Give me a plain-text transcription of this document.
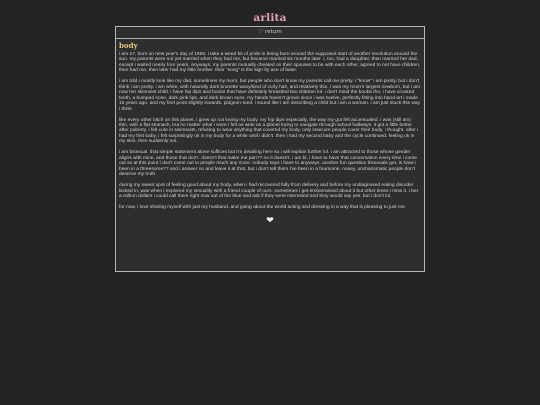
arlita
♡ return
body

i am 27, born on new year's day of 1995. i take a weed bit of pride in being born around the supposed start of another revolution around the sun. my parents were not yet married when they had me, but became married six months later. i, too, had a daughter, then married her dad, except i waited nearly four years. anyways, my parents mutually cheated on their spouses to be with each other, agreed to not have children, then had me, then later had my little brother. their "song" is the sign by ace of base.

i am told i mostly look like my dad, sometimes my mom, but people who don't know my parents call me pretty. i "know" i am pretty, but i don't think i am pretty. i am white, with naturally dark brunette wavy/kind of curly hair, and relatively thin. i was my mom's largest newborn, but i am now her skinniest child. i have hip dips and boobs that have definitely breastfed two children lol. i don't mind the boobs tho. i have crooked teeth, a bumped nose, dark pink lips, and dark brown eyes. my hands haven't grown since i was twelve, perfectly fitting into hand-art i made 15 years ago, and my feet point slightly inwards, pidgeon-toed. i sound like i am describing a child but i am a woman. i am just stuck this way i think.

like every other bitch on this planet, i grew up not loving my body. my hip dips especially, the way my gut felt accentuated. i was (still am) thin, with a flat stomach, but no matter what i wore i felt as wide as a planet trying to navigate through school hallways. it got a little better after puberty. i felt cute in swimsuits, refusing to wear anything that covered my body, only insecure people cover their body, i thought. after i had my first baby, i felt surprisingly ok in my body for a while until i didn't. then i had my second baby and the cycle continued. feeling ok in my skin, then suddenly not.

i am bisexual. that simple statement alone suffices but i'm detailing here so i will explain further lol. i am attracted to those whose gender aligns with mine, and those that don't. doesn't that make me pan?? no it doesn't. i am bi. i have to have that conversation every time i come out so at this point i don't come out to people much any more. nobody says i have to anyways. another fun question bisexuals get, is have i been in a threesome?? and i answer no and leave it at that, but i don't tell them i've been in a foursome. nosey, uncharismatic people don't deserve my truth.

during my sweet spot of feeling good about my body, when i had recovered fully from delivery and before my undiagnosed eating disorder kicked in, was when i explored my sexuality with a friend couple of ours. sometimes i get embarrassed about it but other times i miss it. i bet a million dollars i could call them right now out of the blue and ask if they were interested and they would say yes. but i don't lol.

for now, i love sharing myself with just my husband, and going about the world acting and dressing in a way that is pleasing to just me.

❤
